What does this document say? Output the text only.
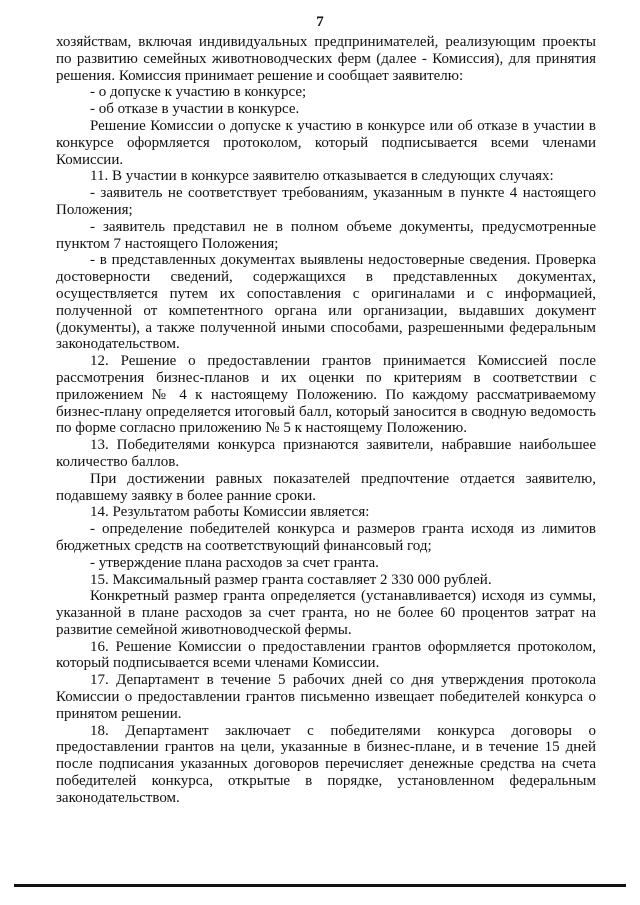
7

хозяйствам, включая индивидуальных предпринимателей, реализующим проекты по развитию семейных животноводческих ферм (далее - Комиссия), для принятия решения. Комиссия принимает решение и сообщает заявителю:

- о допуске к участию в конкурсе;

- об отказе в участии в конкурсе.

Решение Комиссии о допуске к участию в конкурсе или об отказе в участии в конкурсе оформляется протоколом, который подписывается всеми членами Комиссии.

11. В участии в конкурсе заявителю отказывается в следующих случаях:

- заявитель не соответствует требованиям, указанным в пункте 4 настоящего Положения;

- заявитель представил не в полном объеме документы, предусмотренные пунктом 7 настоящего Положения;

- в представленных документах выявлены недостоверные сведения. Проверка достоверности сведений, содержащихся в представленных документах, осуществляется путем их сопоставления с оригиналами и с информацией, полученной от компетентного органа или организации, выдавших документ (документы), а также полученной иными способами, разрешенными федеральным законодательством.

12. Решение о предоставлении грантов принимается Комиссией после рассмотрения бизнес-планов и их оценки по критериям в соответствии с приложением № 4 к настоящему Положению. По каждому рассматриваемому бизнес-плану определяется итоговый балл, который заносится в сводную ведомость по форме согласно приложению № 5 к настоящему Положению.

13. Победителями конкурса признаются заявители, набравшие наибольшее количество баллов.

При достижении равных показателей предпочтение отдается заявителю, подавшему заявку в более ранние сроки.

14. Результатом работы Комиссии является:

- определение победителей конкурса и размеров гранта исходя из лимитов бюджетных средств на соответствующий финансовый год;

- утверждение плана расходов за счет гранта.

15. Максимальный размер гранта составляет 2 330 000 рублей.

Конкретный размер гранта определяется (устанавливается) исходя из суммы, указанной в плане расходов за счет гранта, но не более 60 процентов затрат на развитие семейной животноводческой фермы.

16. Решение Комиссии о предоставлении грантов оформляется протоколом, который подписывается всеми членами Комиссии.

17. Департамент в течение 5 рабочих дней со дня утверждения протокола Комиссии о предоставлении грантов письменно извещает победителей конкурса о принятом решении.

18. Департамент заключает с победителями конкурса договоры о предоставлении грантов на цели, указанные в бизнес-плане, и в течение 15 дней после подписания указанных договоров перечисляет денежные средства на счета победителей конкурса, открытые в порядке, установленном федеральным законодательством.
